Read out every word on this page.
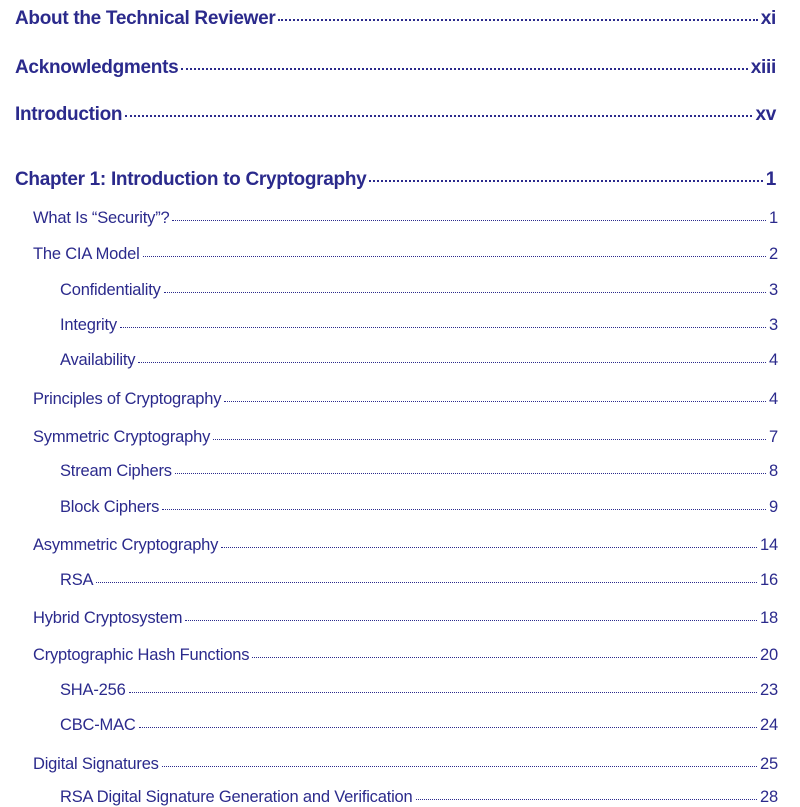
About the Technical Reviewer	xi
Acknowledgments	xiii
Introduction	xv
Chapter 1: Introduction to Cryptography	1
What Is “Security”?	1
The CIA Model	2
Confidentiality	3
Integrity	3
Availability	4
Principles of Cryptography	4
Symmetric Cryptography	7
Stream Ciphers	8
Block Ciphers	9
Asymmetric Cryptography	14
RSA	16
Hybrid Cryptosystem	18
Cryptographic Hash Functions	20
SHA-256	23
CBC-MAC	24
Digital Signatures	25
RSA Digital Signature Generation and Verification	28
